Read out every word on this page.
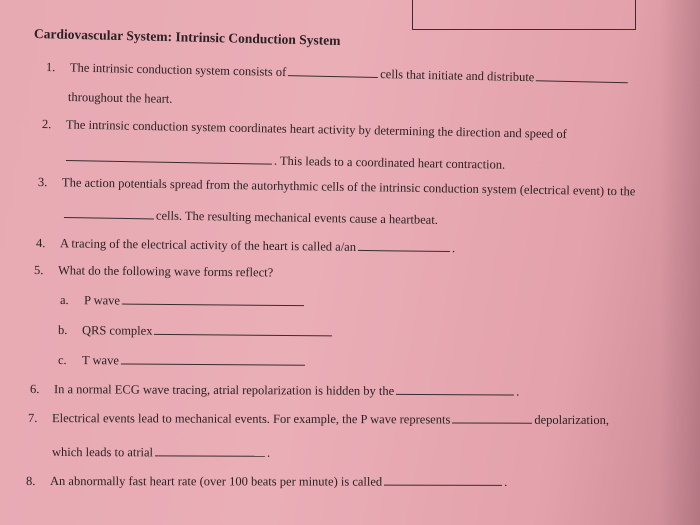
Cardiovascular System: Intrinsic Conduction System
1. The intrinsic conduction system consists of	cells that initiate and distribute
throughout the heart.
2. The intrinsic conduction system coordinates heart activity by determining the direction and speed of
. This leads to a coordinated heart contraction.
3. The action potentials spread from the autorhythmic cells of the intrinsic conduction system (electrical event) to the
cells. The resulting mechanical events cause a heartbeat.
4. A tracing of the electrical activity of the heart is called a/an	.
5. What do the following wave forms reflect?
a. P wave
b. QRS complex
c. T wave
6. In a normal ECG wave tracing, atrial repolarization is hidden by the	.
7. Electrical events lead to mechanical events. For example, the P wave represents	depolarization,
which leads to atrial	.
8. An abnormally fast heart rate (over 100 beats per minute) is called	.
